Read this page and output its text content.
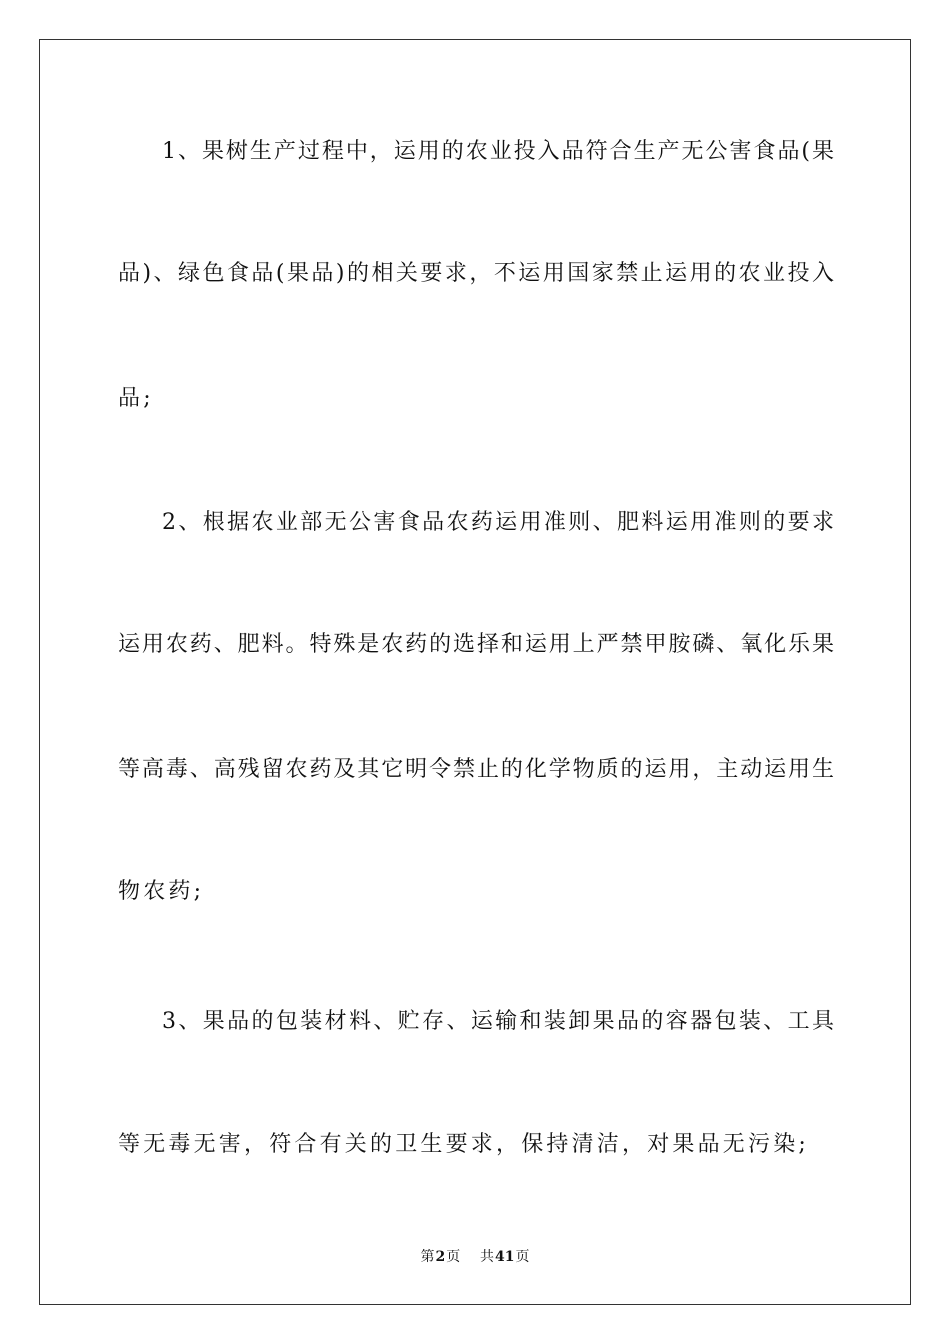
1、果树生产过程中，运用的农业投入品符合生产无公害食品(果
品)、绿色食品(果品)的相关要求，不运用国家禁止运用的农业投入
品;
2、根据农业部无公害食品农药运用准则、肥料运用准则的要求
运用农药、肥料。特殊是农药的选择和运用上严禁甲胺磷、氧化乐果
等高毒、高残留农药及其它明令禁止的化学物质的运用，主动运用生
物农药;
3、果品的包装材料、贮存、运输和装卸果品的容器包装、工具
等无毒无害，符合有关的卫生要求，保持清洁，对果品无污染;
第2页 共41页
